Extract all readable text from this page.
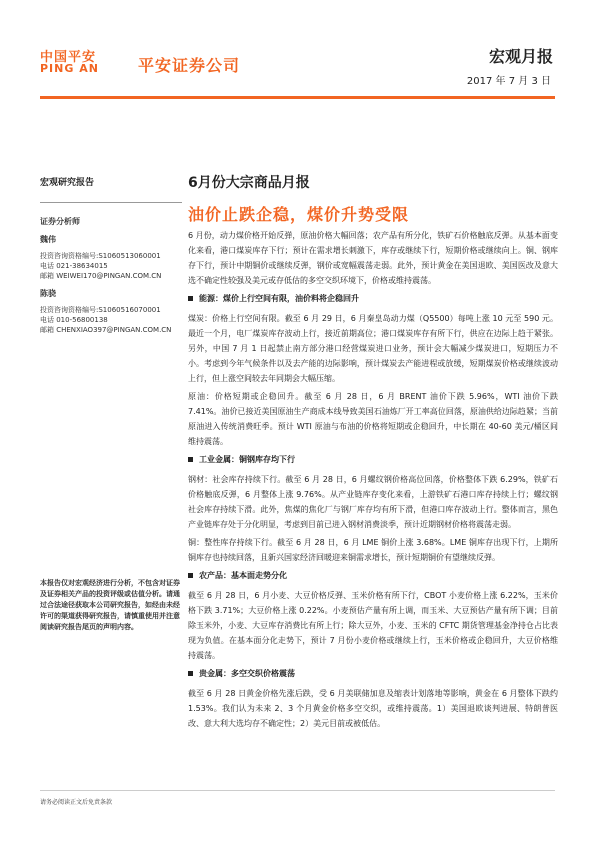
中国平安
PING AN 平安证券公司	宏观月报
2017 年 7 月 3 日
宏观研究报告
证券分析师
魏伟
投资咨询资格编号:S1060513060001
电话 021-38634015
邮箱 WEIWEI170@PINGAN.COM.CN
陈骁
投资咨询资格编号:S1060516070001
电话 010-56800138
邮箱 CHENXIAO397@PINGAN.COM.CN
本报告仅对宏观经济进行分析，不包含对证券及证券相关产品的投资评级或估值分析。请通过合法途径获取本公司研究报告，如经由未经许可的渠道获得研究报告，请慎重使用并注意阅读研究报告尾页的声明内容。
6月份大宗商品月报
油价止跌企稳，煤价升势受限

6 月份，动力煤价格开始反弹，原油价格大幅回落；农产品有所分化，铁矿石价格触底反弹。从基本面变化来看，港口煤炭库存下行；预计在需求增长刺激下，库存或继续下行，短期价格或继续向上。铜、钢库存下行，预计中期铜价或继续反弹，钢价或宽幅震荡走弱。此外，预计黄金在美国退欧、美国医改及意大选不确定性较强及美元或存低估的多空交织环境下，价格或维持震荡。

能源：煤价上行空间有限，油价料将企稳回升

煤炭：价格上行空间有限。截至 6 月 29 日，6 月秦皇岛动力煤（Q5500）每吨上涨 10 元至 590 元。最近一个月，电厂煤炭库存波动上行，接近前期高位；港口煤炭库存有所下行，供应在边际上趋于紧张。另外，中国 7 月 1 日起禁止南方部分港口经营煤炭进口业务，预计会大幅减少煤炭进口，短期压力不小。考虑到今年气候条件以及去产能的边际影响，预计煤炭去产能进程或放缓，短期煤炭价格或继续波动上行，但上涨空间较去年同期会大幅压缩。

原油：价格短期或企稳回升。截至 6 月 28 日，6 月 BRENT 油价下跌 5.96%，WTI 油价下跌 7.41%。油价已接近美国原油生产商成本线导致美国石油炼厂开工率高位回落，原油供给边际趋紧；当前原油进入传统消费旺季。预计 WTI 原油与布油的价格将短期或企稳回升，中长期在 40-60 美元/桶区间维持震荡。

工业金属：铜钢库存均下行

钢材：社会库存持续下行。截至 6 月 28 日，6 月螺纹钢价格高位回落，价格整体下跌 6.29%，铁矿石价格触底反弹，6 月整体上涨 9.76%。从产业链库存变化来看，上游铁矿石港口库存持续上行；螺纹钢社会库存持续下滑。此外，焦煤的焦化厂与钢厂库存均有所下滑，但港口库存波动上行。整体而言，黑色产业链库存处于分化明显，考虑到目前已进入钢材消费淡季，预计近期钢材价格将震荡走弱。

铜：整性库存持续下行。截至 6 月 28 日，6 月 LME 铜价上涨 3.68%。LME 铜库存出现下行，上期所铜库存也持续回落，且新兴国家经济回暖迎来铜需求增长，预计短期铜价有望继续反弹。

农产品：基本面走势分化

截至 6 月 28 日，6 月小麦、大豆价格反弹、玉米价格有所下行，CBOT 小麦价格上涨 6.22%，玉米价格下跌 3.71%；大豆价格上涨 0.22%。小麦预估产量有所上调，而玉米、大豆预估产量有所下调；目前除玉米外，小麦、大豆库存消费比有所上行；除大豆外，小麦、玉米的 CFTC 期货管理基金净持仓占比表现为负值。在基本面分化走势下，预计 7 月份小麦价格或继续上行，玉米价格或企稳回升，大豆价格维持震荡。

贵金属：多空交织价格震荡

截至 6 月 28 日黄金价格先涨后跌，受 6 月美联储加息及缩表计划落地等影响，黄金在 6 月整体下跌约 1.53%。我们认为未来 2、3 个月黄金价格多空交织，或维持震荡。1）美国退欧谈判进展、特朗普医改、意大利大选均存不确定性；2）美元目前或被低估。

请务必阅读正文后免责条款
